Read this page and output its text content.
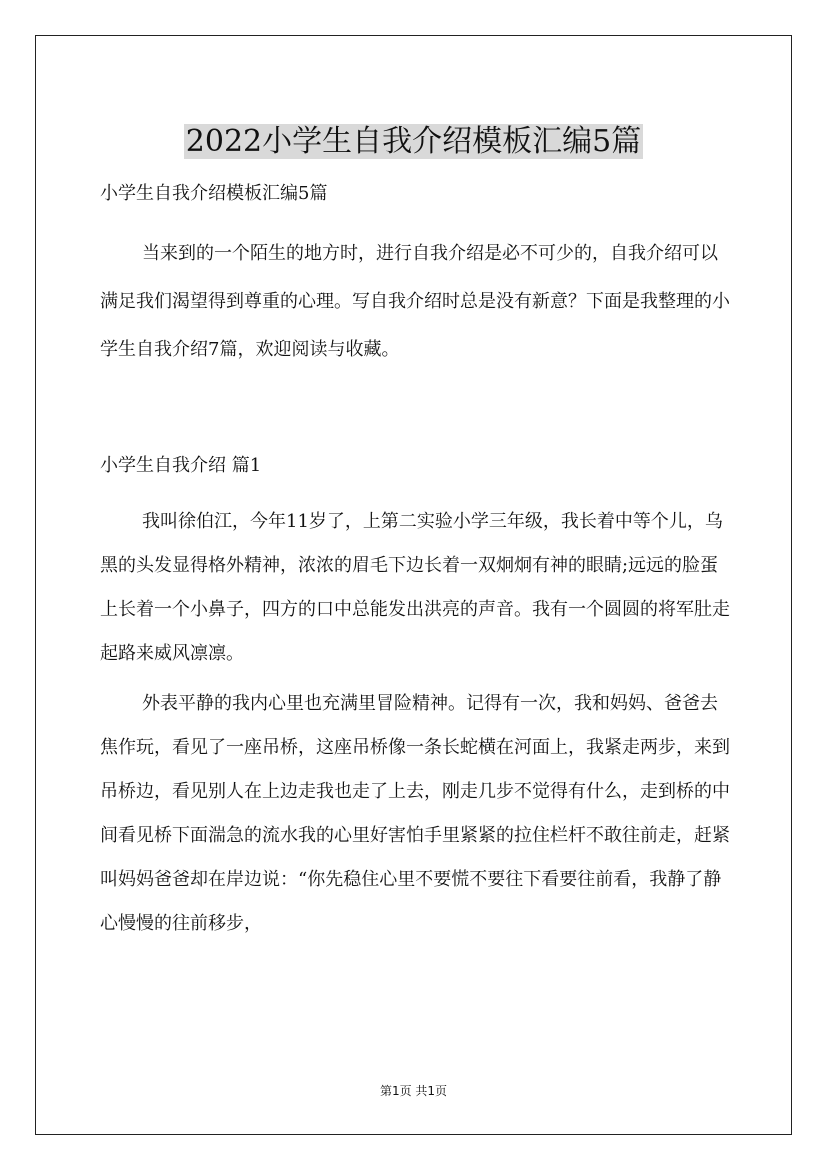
2022小学生自我介绍模板汇编5篇

小学生自我介绍模板汇编5篇

当来到的一个陌生的地方时，进行自我介绍是必不可少的，自我介绍可以满足我们渴望得到尊重的心理。写自我介绍时总是没有新意？下面是我整理的小学生自我介绍7篇，欢迎阅读与收藏。

小学生自我介绍 篇1

我叫徐伯江，今年11岁了，上第二实验小学三年级，我长着中等个儿，乌黑的头发显得格外精神，浓浓的眉毛下边长着一双炯炯有神的眼睛;远远的脸蛋上长着一个小鼻子，四方的口中总能发出洪亮的声音。我有一个圆圆的将军肚走起路来威风凛凛。

外表平静的我内心里也充满里冒险精神。记得有一次，我和妈妈、爸爸去焦作玩，看见了一座吊桥，这座吊桥像一条长蛇横在河面上，我紧走两步，来到吊桥边，看见别人在上边走我也走了上去，刚走几步不觉得有什么，走到桥的中间看见桥下面湍急的流水我的心里好害怕手里紧紧的拉住栏杆不敢往前走，赶紧叫妈妈爸爸却在岸边说：“你先稳住心里不要慌不要往下看要往前看，我静了静心慢慢的往前移步，

第1页 共1页
